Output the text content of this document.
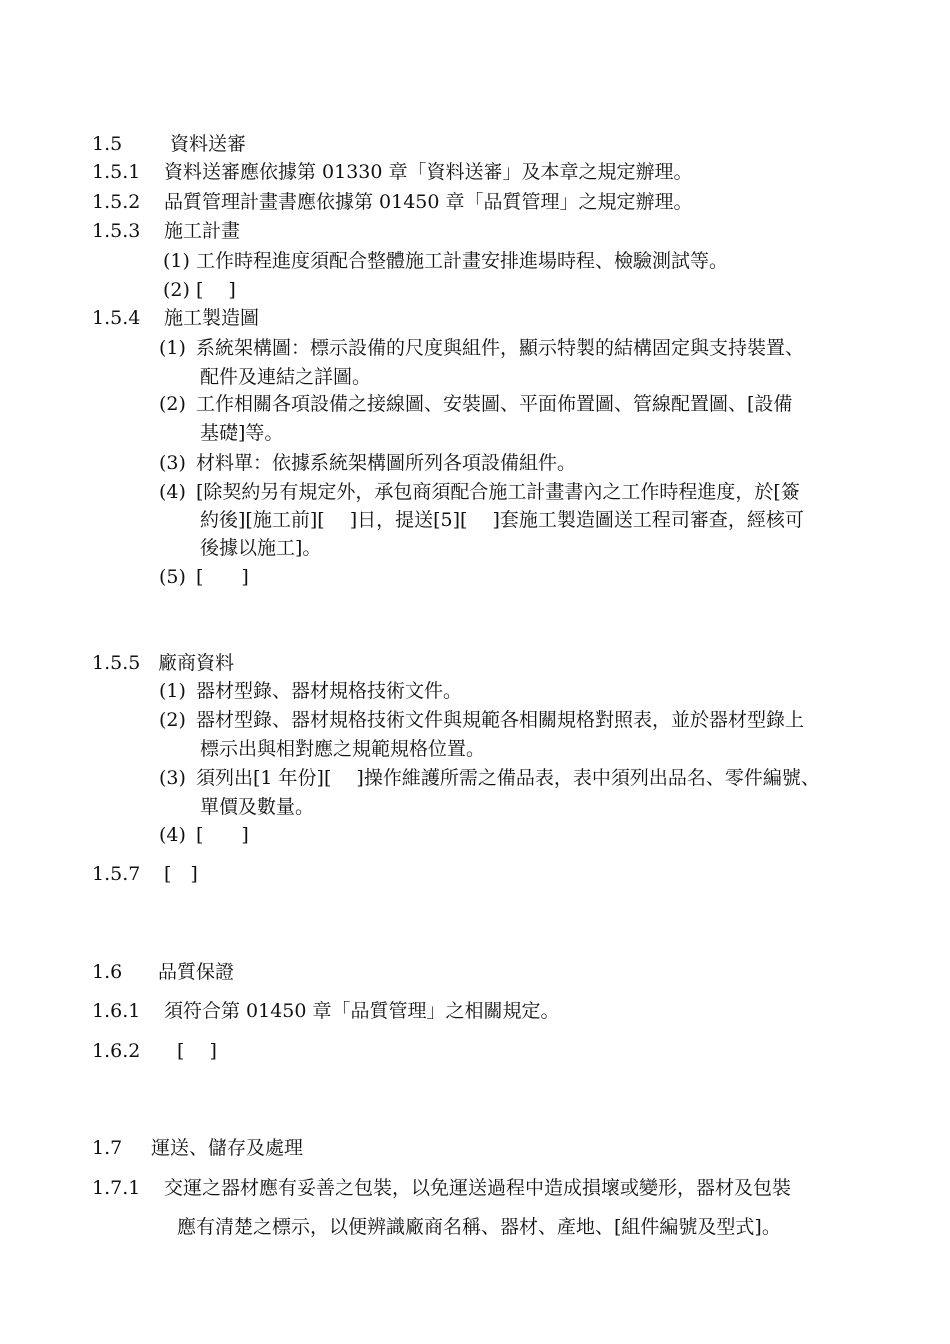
1.5	資料送審
1.5.1 資料送審應依據第 01330 章「資料送審」及本章之規定辦理。
1.5.2 品質管理計畫書應依據第 01450 章「品質管理」之規定辦理。
1.5.3 施工計畫
(1) 工作時程進度須配合整體施工計畫安排進場時程、檢驗測試等。
(2) [　 ]
1.5.4 施工製造圖
(1) 系統架構圖：標示設備的尺度與組件，顯示特製的結構固定與支持裝置、
配件及連結之詳圖。
(2) 工作相關各項設備之接線圖、安裝圖、平面佈置圖、管線配置圖、[設備
基礎]等。
(3) 材料單：依據系統架構圖所列各項設備組件。
(4) [除契約另有規定外，承包商須配合施工計畫書內之工作時程進度，於[簽
約後][施工前][　 ]日，提送[5][　 ]套施工製造圖送工程司審查，經核可
後據以施工]。
(5) [　　]
1.5.5 廠商資料
(1) 器材型錄、器材規格技術文件。
(2) 器材型錄、器材規格技術文件與規範各相關規格對照表，並於器材型錄上
標示出與相對應之規範規格位置。
(3) 須列出[1 年份][　 ]操作維護所需之備品表，表中須列出品名、零件編號、
單價及數量。
(4) [　　]
1.5.7 [　]
1.6 品質保證
1.6.1 須符合第 01450 章「品質管理」之相關規定。
1.6.2 [　 ]
1.7 運送、儲存及處理
1.7.1 交運之器材應有妥善之包裝，以免運送過程中造成損壞或變形，器材及包裝
應有清楚之標示，以便辨識廠商名稱、器材、產地、[組件編號及型式]。
